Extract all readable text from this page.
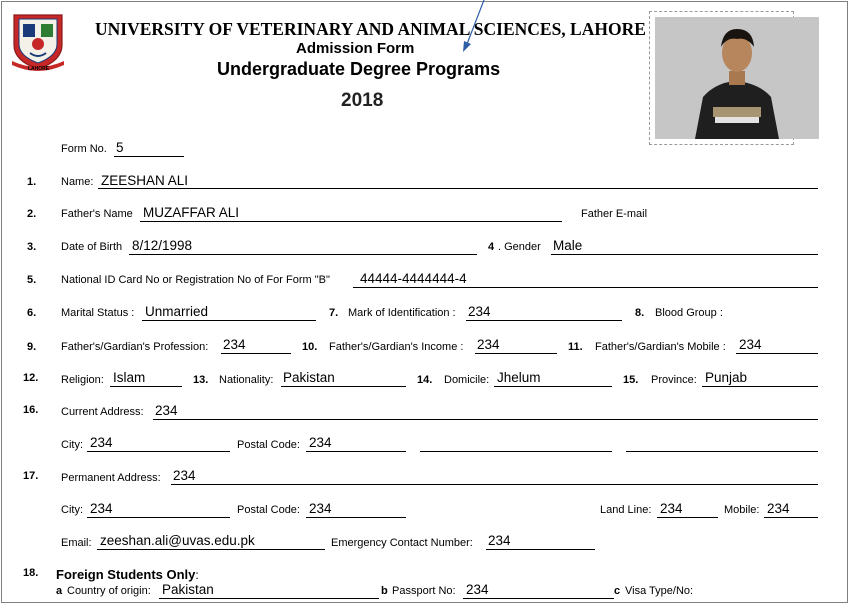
LAHORE
UNIVERSITY OF VETERINARY AND ANIMAL SCIENCES, LAHORE
Admission Form
Undergraduate Degree Programs
2018
Form No. 5
1. Name: ZEESHAN ALI
2. Father's Name MUZAFFAR ALI	Father E-mail
3. Date of Birth 8/12/1998	4 . Gender Male
5. National ID Card No or Registration No of For Form "B" 44444-4444444-4
6. Marital Status : Unmarried	7. Mark of Identification : 234	8. Blood Group :
9. Father's/Gardian's Profession: 234	10. Father's/Gardian's Income : 234	11. Father's/Gardian's Mobile : 234
12. Religion: Islam	13. Nationality: Pakistan	14. Domicile: Jhelum	15. Province: Punjab
16. Current Address: 234
City: 234	Postal Code: 234
17. Permanent Address: 234
City: 234	Postal Code: 234	Land Line: 234	Mobile: 234
Email: zeeshan.ali@uvas.edu.pk	Emergency Contact Number: 234
18. Foreign Students Only:
a Country of origin: Pakistan	b Passport No: 234	c Visa Type/No:
